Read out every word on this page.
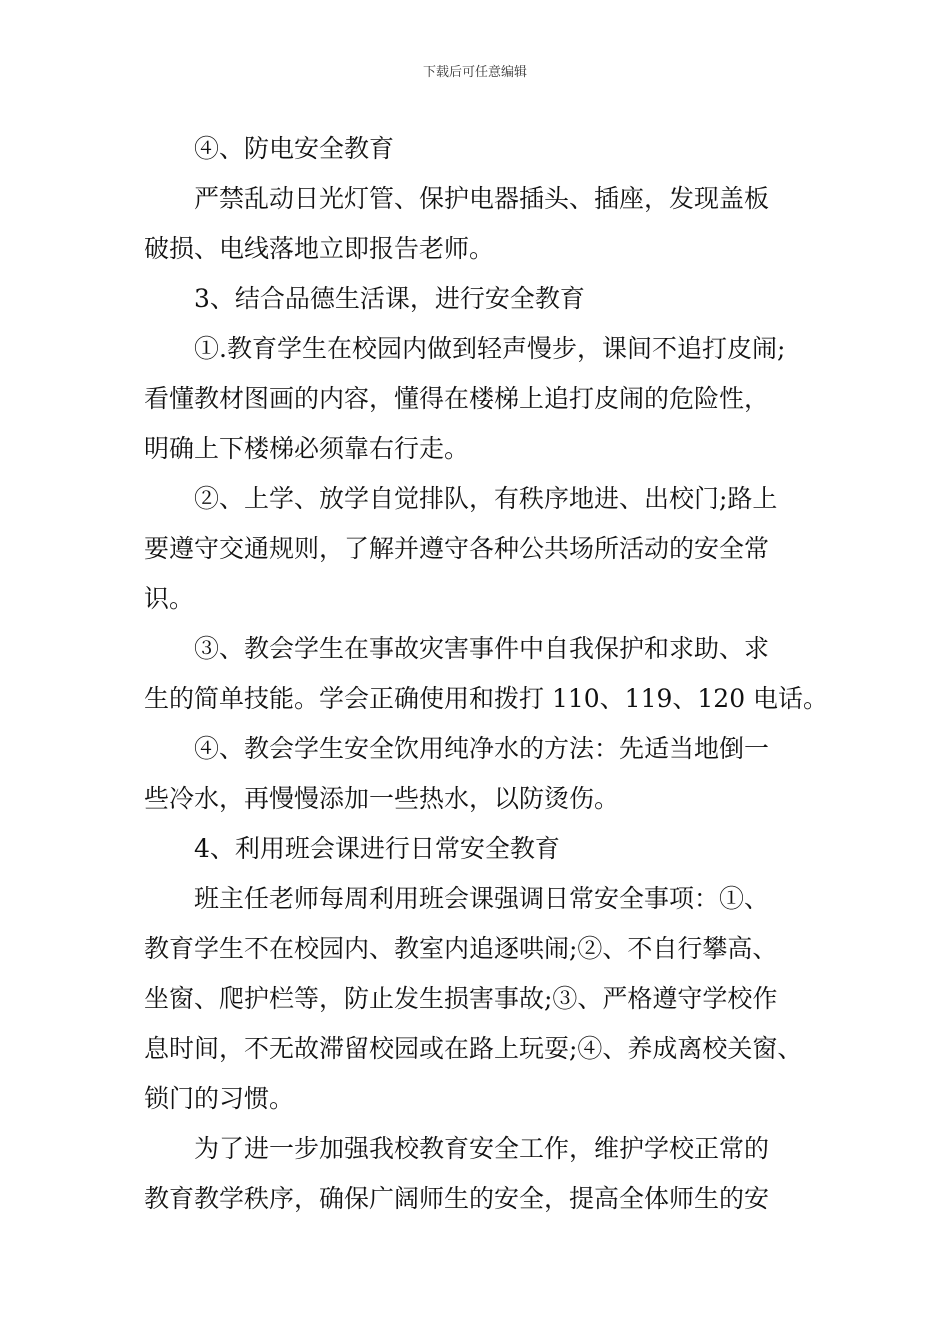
下载后可任意编辑
④、防电安全教育
严禁乱动日光灯管、保护电器插头、插座，发现盖板
破损、电线落地立即报告老师。
3、结合品德生活课，进行安全教育
①.教育学生在校园内做到轻声慢步，课间不追打皮闹;
看懂教材图画的内容，懂得在楼梯上追打皮闹的危险性，
明确上下楼梯必须靠右行走。
②、上学、放学自觉排队，有秩序地进、出校门;路上
要遵守交通规则，了解并遵守各种公共场所活动的安全常
识。
③、教会学生在事故灾害事件中自我保护和求助、求
生的简单技能。学会正确使用和拨打 110、119、120 电话。
④、教会学生安全饮用纯净水的方法：先适当地倒一
些冷水，再慢慢添加一些热水，以防烫伤。
4、利用班会课进行日常安全教育
班主任老师每周利用班会课强调日常安全事项：①、
教育学生不在校园内、教室内追逐哄闹;②、不自行攀高、
坐窗、爬护栏等，防止发生损害事故;③、严格遵守学校作
息时间，不无故滞留校园或在路上玩耍;④、养成离校关窗、
锁门的习惯。
为了进一步加强我校教育安全工作，维护学校正常的
教育教学秩序，确保广阔师生的安全，提高全体师生的安
